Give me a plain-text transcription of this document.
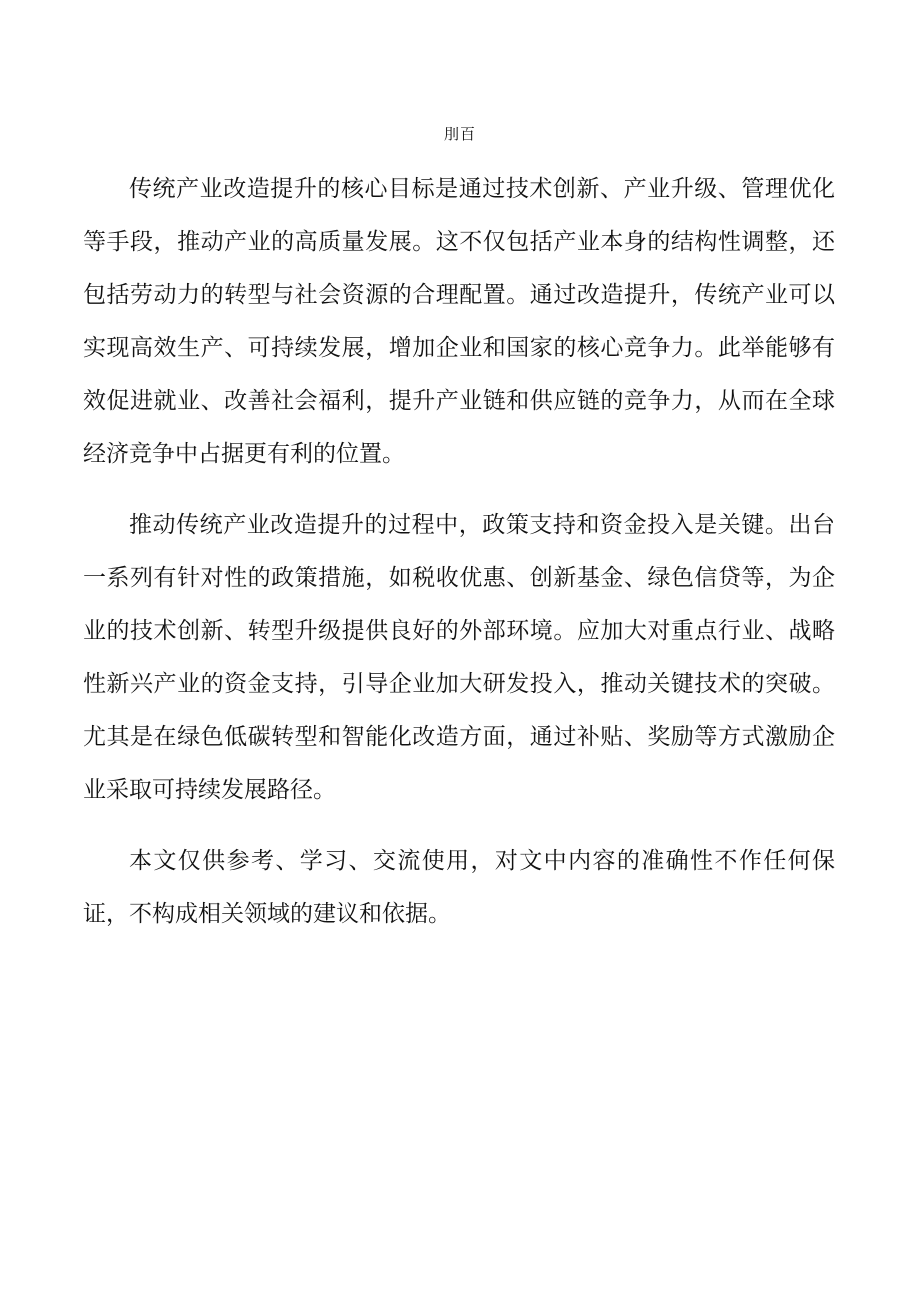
刖百

传统产业改造提升的核心目标是通过技术创新、产业升级、管理优化等手段，推动产业的高质量发展。这不仅包括产业本身的结构性调整，还包括劳动力的转型与社会资源的合理配置。通过改造提升，传统产业可以实现高效生产、可持续发展，增加企业和国家的核心竞争力。此举能够有效促进就业、改善社会福利，提升产业链和供应链的竞争力，从而在全球经济竞争中占据更有利的位置。

推动传统产业改造提升的过程中，政策支持和资金投入是关键。出台一系列有针对性的政策措施，如税收优惠、创新基金、绿色信贷等，为企业的技术创新、转型升级提供良好的外部环境。应加大对重点行业、战略性新兴产业的资金支持，引导企业加大研发投入，推动关键技术的突破。尤其是在绿色低碳转型和智能化改造方面，通过补贴、奖励等方式激励企业采取可持续发展路径。

本文仅供参考、学习、交流使用，对文中内容的准确性不作任何保证，不构成相关领域的建议和依据。
